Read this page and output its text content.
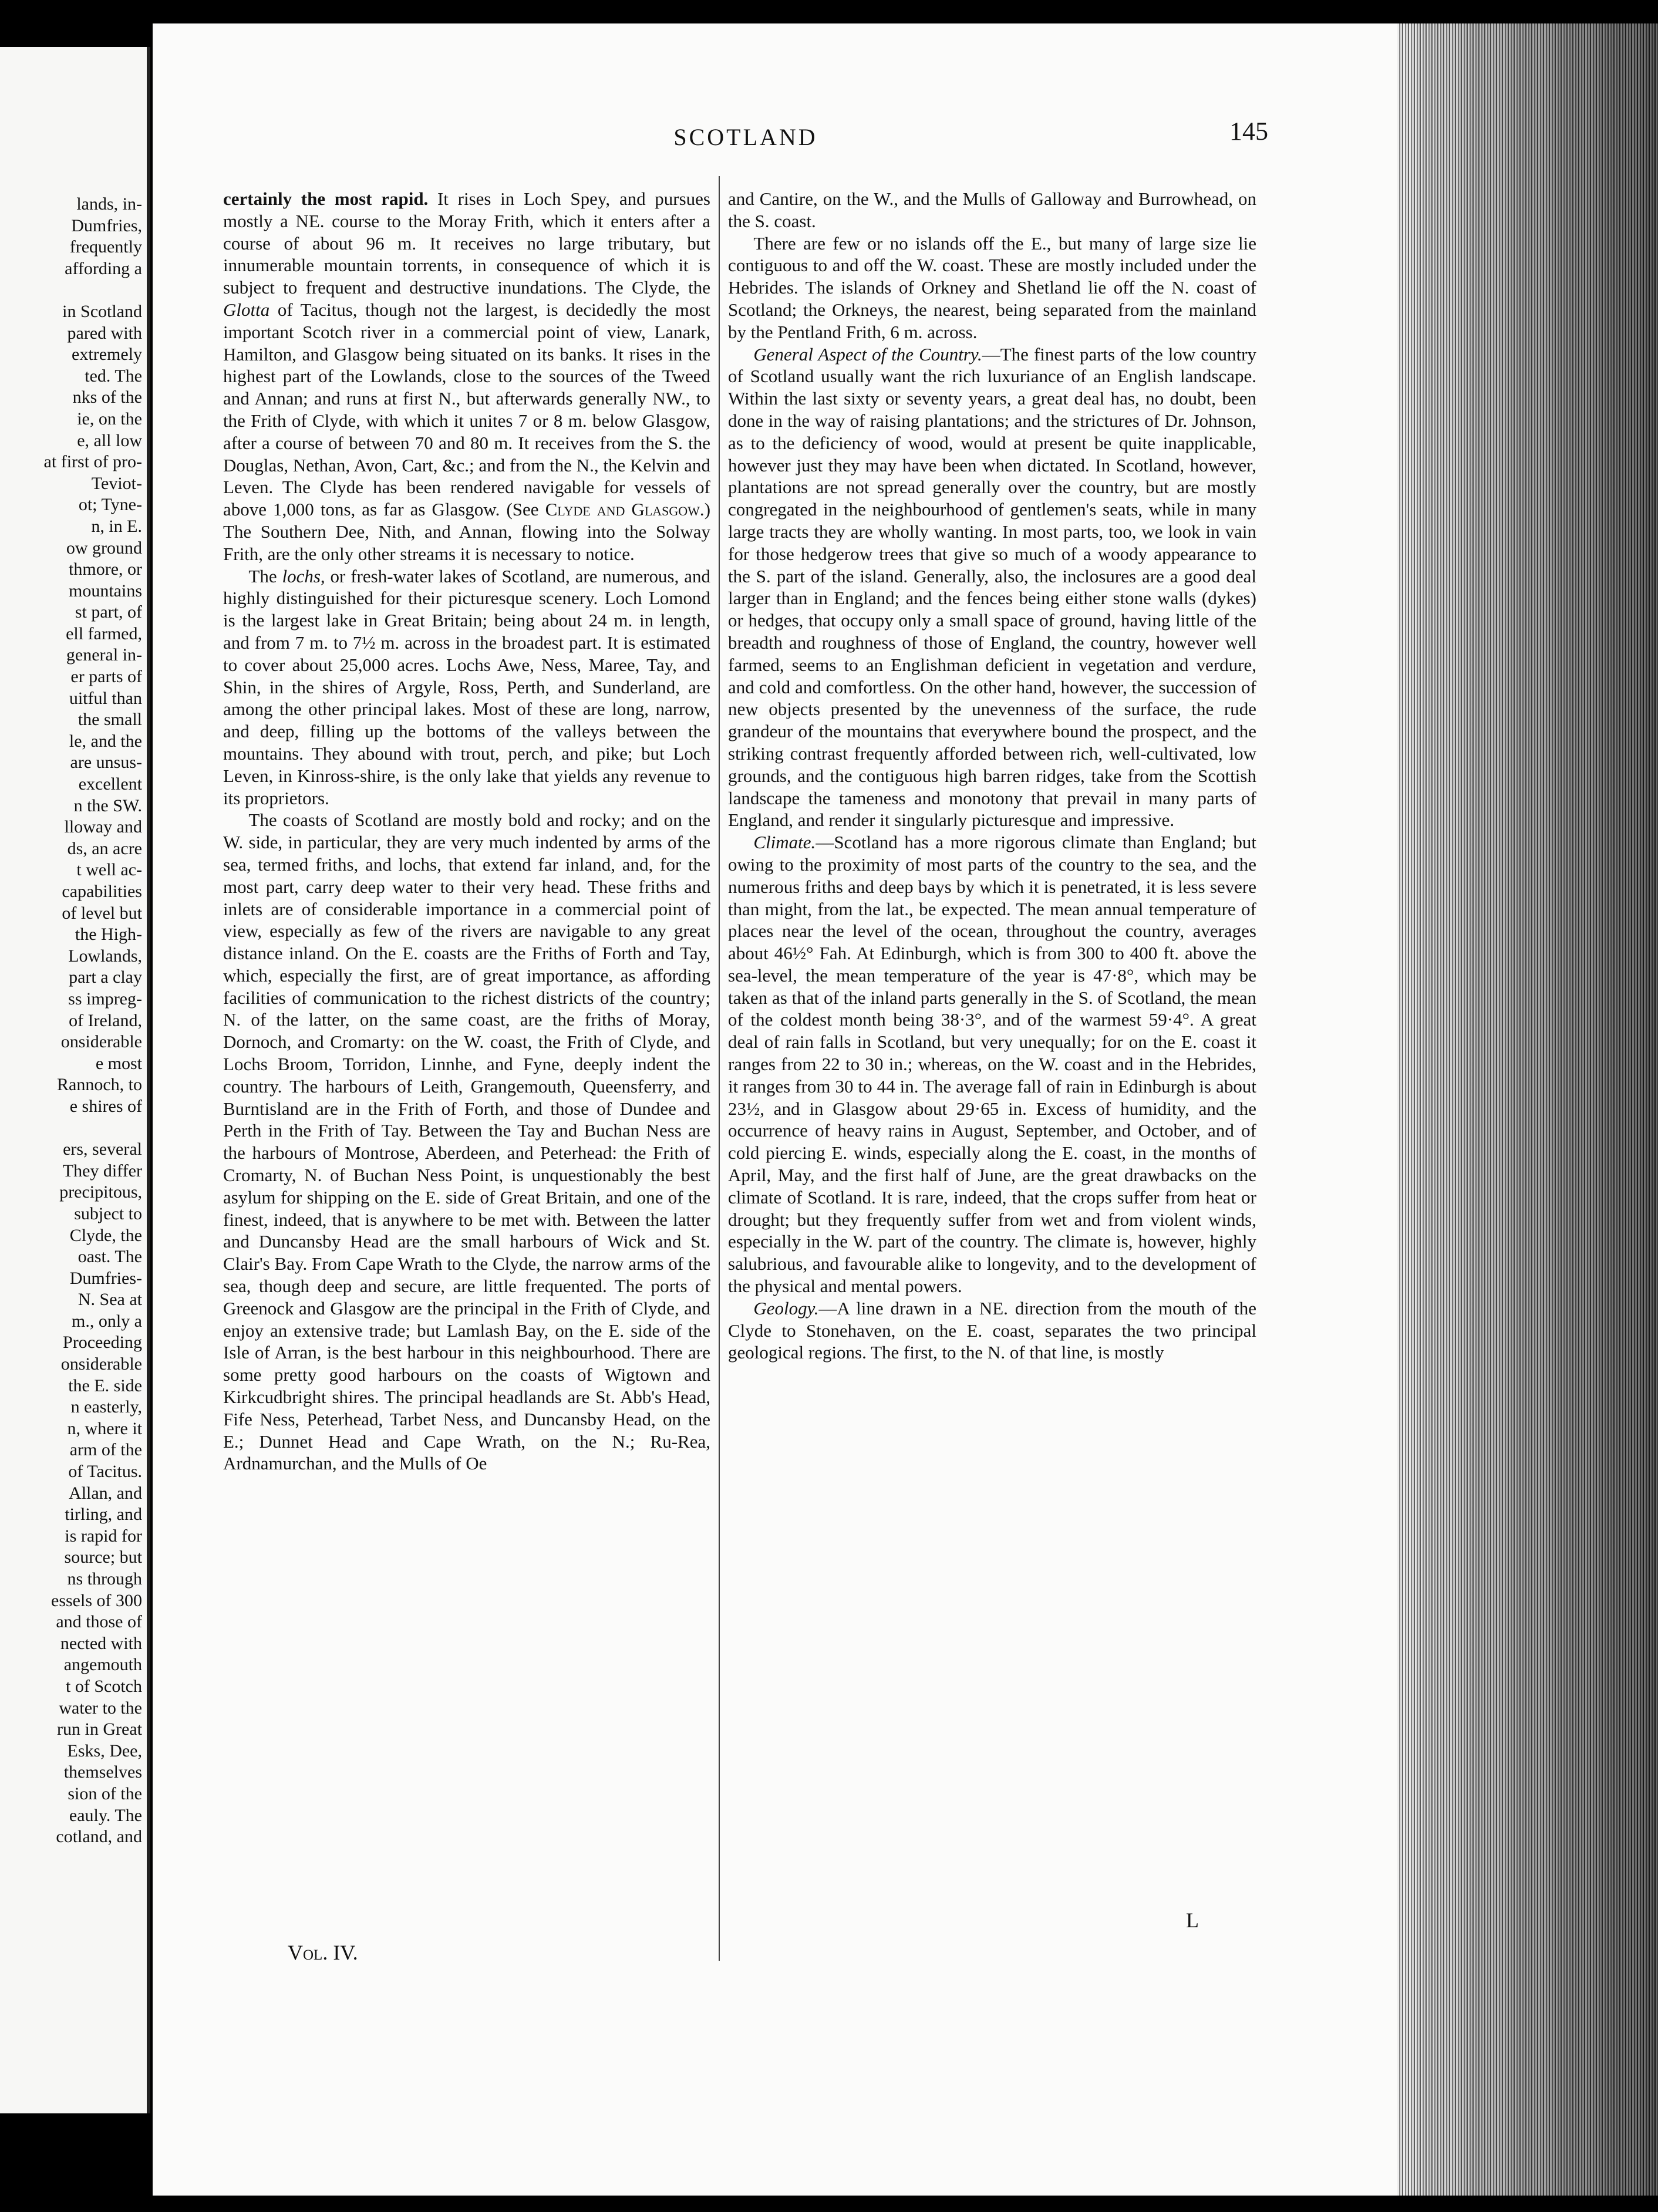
lands, in-
Dumfries,
frequently
affording a

in Scotland
pared with
extremely
ted. The
nks of the
ie, on the
e, all low
at first of pro-
Teviot-
ot; Tyne-
n, in E.
ow ground
thmore, or
mountains
st part, of
ell farmed,
general in-
er parts of
uitful than
the small
le, and the
are unsus-
excellent
n the SW.
lloway and
ds, an acre
t well ac-
capabilities
of level but
the High-
Lowlands,
part a clay
ss impreg-
of Ireland,
onsiderable
e most
Rannoch, to
e shires of

ers, several
They differ
precipitous,
subject to
Clyde, the
oast. The
Dumfries-
N. Sea at
m., only a
Proceeding
onsiderable
the E. side
n easterly,
n, where it
arm of the
of Tacitus.
Allan, and
tirling, and
is rapid for
source; but
ns through
essels of 300
and those of
nected with
angemouth
t of Scotch
water to the
run in Great
Esks, Dee,
themselves
sion of the
eauly. The
cotland, and
SCOTLAND	145

certainly the most rapid. It rises in Loch Spey, and pursues mostly a NE. course to the Moray Frith, which it enters after a course of about 96 m. It receives no large tributary, but innumerable mountain torrents, in consequence of which it is subject to frequent and destructive inundations. The Clyde, the Glotta of Tacitus, though not the largest, is decidedly the most important Scotch river in a commercial point of view, Lanark, Hamilton, and Glasgow being situated on its banks. It rises in the highest part of the Lowlands, close to the sources of the Tweed and Annan; and runs at first N., but afterwards generally NW., to the Frith of Clyde, with which it unites 7 or 8 m. below Glasgow, after a course of between 70 and 80 m. It receives from the S. the Douglas, Nethan, Avon, Cart, &c.; and from the N., the Kelvin and Leven. The Clyde has been rendered navigable for vessels of above 1,000 tons, as far as Glasgow. (See Clyde and Glasgow.) The Southern Dee, Nith, and Annan, flowing into the Solway Frith, are the only other streams it is necessary to notice.

The lochs, or fresh-water lakes of Scotland, are numerous, and highly distinguished for their picturesque scenery. Loch Lomond is the largest lake in Great Britain; being about 24 m. in length, and from 7 m. to 7½ m. across in the broadest part. It is estimated to cover about 25,000 acres. Lochs Awe, Ness, Maree, Tay, and Shin, in the shires of Argyle, Ross, Perth, and Sunderland, are among the other principal lakes. Most of these are long, narrow, and deep, filling up the bottoms of the valleys between the mountains. They abound with trout, perch, and pike; but Loch Leven, in Kinross-shire, is the only lake that yields any revenue to its proprietors.

The coasts of Scotland are mostly bold and rocky; and on the W. side, in particular, they are very much indented by arms of the sea, termed friths, and lochs, that extend far inland, and, for the most part, carry deep water to their very head. These friths and inlets are of considerable importance in a commercial point of view, especially as few of the rivers are navigable to any great distance inland. On the E. coasts are the Friths of Forth and Tay, which, especially the first, are of great importance, as affording facilities of communication to the richest districts of the country; N. of the latter, on the same coast, are the friths of Moray, Dornoch, and Cromarty: on the W. coast, the Frith of Clyde, and Lochs Broom, Torridon, Linnhe, and Fyne, deeply indent the country. The harbours of Leith, Grangemouth, Queensferry, and Burntisland are in the Frith of Forth, and those of Dundee and Perth in the Frith of Tay. Between the Tay and Buchan Ness are the harbours of Montrose, Aberdeen, and Peterhead: the Frith of Cromarty, N. of Buchan Ness Point, is unquestionably the best asylum for shipping on the E. side of Great Britain, and one of the finest, indeed, that is anywhere to be met with. Between the latter and Duncansby Head are the small harbours of Wick and St. Clair's Bay. From Cape Wrath to the Clyde, the narrow arms of the sea, though deep and secure, are little frequented. The ports of Greenock and Glasgow are the principal in the Frith of Clyde, and enjoy an extensive trade; but Lamlash Bay, on the E. side of the Isle of Arran, is the best harbour in this neighbourhood. There are some pretty good harbours on the coasts of Wigtown and Kirkcudbright shires. The principal headlands are St. Abb's Head, Fife Ness, Peterhead, Tarbet Ness, and Duncansby Head, on the E.; Dunnet Head and Cape Wrath, on the N.; Ru-Rea, Ardnamurchan, and the Mulls of Oe

and Cantire, on the W., and the Mulls of Galloway and Burrowhead, on the S. coast.

There are few or no islands off the E., but many of large size lie contiguous to and off the W. coast. These are mostly included under the Hebrides. The islands of Orkney and Shetland lie off the N. coast of Scotland; the Orkneys, the nearest, being separated from the mainland by the Pentland Frith, 6 m. across.

General Aspect of the Country.—The finest parts of the low country of Scotland usually want the rich luxuriance of an English landscape. Within the last sixty or seventy years, a great deal has, no doubt, been done in the way of raising plantations; and the strictures of Dr. Johnson, as to the deficiency of wood, would at present be quite inapplicable, however just they may have been when dictated. In Scotland, however, plantations are not spread generally over the country, but are mostly congregated in the neighbourhood of gentlemen's seats, while in many large tracts they are wholly wanting. In most parts, too, we look in vain for those hedgerow trees that give so much of a woody appearance to the S. part of the island. Generally, also, the inclosures are a good deal larger than in England; and the fences being either stone walls (dykes) or hedges, that occupy only a small space of ground, having little of the breadth and roughness of those of England, the country, however well farmed, seems to an Englishman deficient in vegetation and verdure, and cold and comfortless. On the other hand, however, the succession of new objects presented by the unevenness of the surface, the rude grandeur of the mountains that everywhere bound the prospect, and the striking contrast frequently afforded between rich, well-cultivated, low grounds, and the contiguous high barren ridges, take from the Scottish landscape the tameness and monotony that prevail in many parts of England, and render it singularly picturesque and impressive.

Climate.—Scotland has a more rigorous climate than England; but owing to the proximity of most parts of the country to the sea, and the numerous friths and deep bays by which it is penetrated, it is less severe than might, from the lat., be expected. The mean annual temperature of places near the level of the ocean, throughout the country, averages about 46½° Fah. At Edinburgh, which is from 300 to 400 ft. above the sea-level, the mean temperature of the year is 47·8°, which may be taken as that of the inland parts generally in the S. of Scotland, the mean of the coldest month being 38·3°, and of the warmest 59·4°. A great deal of rain falls in Scotland, but very unequally; for on the E. coast it ranges from 22 to 30 in.; whereas, on the W. coast and in the Hebrides, it ranges from 30 to 44 in. The average fall of rain in Edinburgh is about 23½, and in Glasgow about 29·65 in. Excess of humidity, and the occurrence of heavy rains in August, September, and October, and of cold piercing E. winds, especially along the E. coast, in the months of April, May, and the first half of June, are the great drawbacks on the climate of Scotland. It is rare, indeed, that the crops suffer from heat or drought; but they frequently suffer from wet and from violent winds, especially in the W. part of the country. The climate is, however, highly salubrious, and favourable alike to longevity, and to the development of the physical and mental powers.

Geology.—A line drawn in a NE. direction from the mouth of the Clyde to Stonehaven, on the E. coast, separates the two principal geological regions. The first, to the N. of that line, is mostly

Vol. IV.
L
